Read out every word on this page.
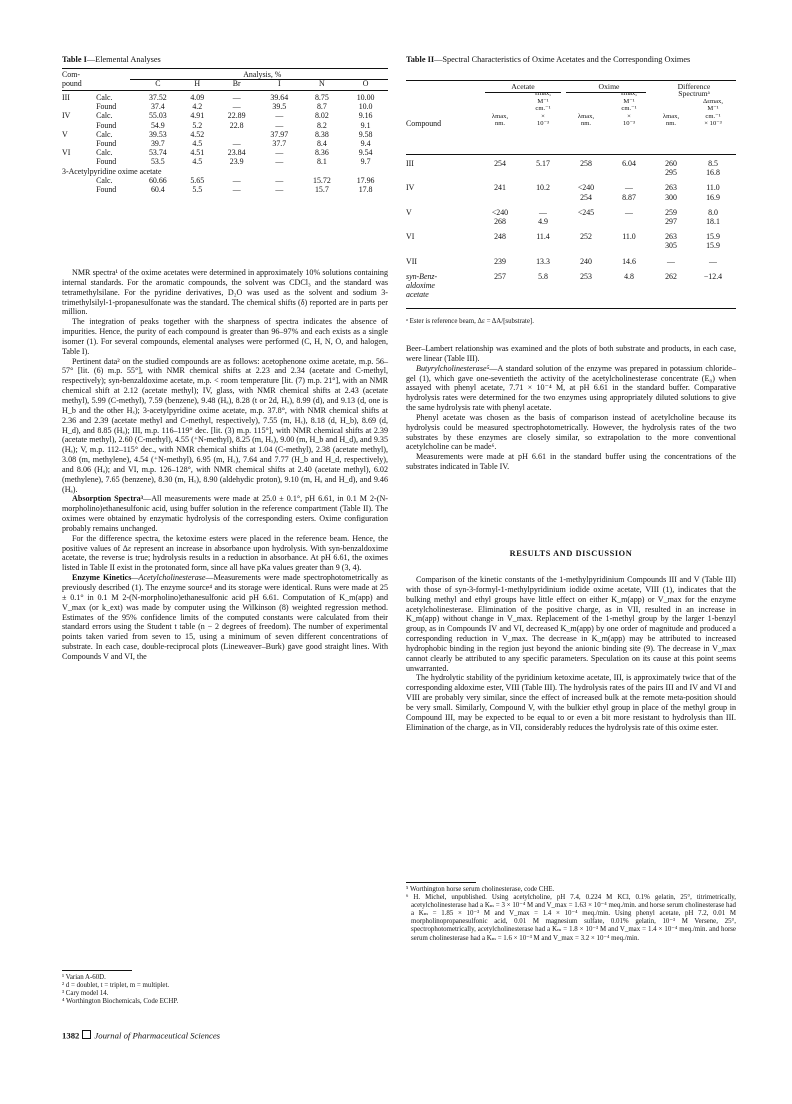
Table I—Elemental Analyses
Com-		Analysis, %					
pound		C	H	Br	I	N	O
III	Calc.	37.52	4.09	—	39.64	8.75	10.00
	Found	37.4	4.2	—	39.5	8.7	10.0
IV	Calc.	55.03	4.91	22.89	—	8.02	9.16
	Found	54.9	5.2	22.8	—	8.2	9.1
V	Calc.	39.53	4.52		37.97	8.38	9.58
	Found	39.7	4.5	—	37.7	8.4	9.4
VI	Calc.	53.74	4.51	23.84	—	8.36	9.54
	Found	53.5	4.5	23.9	—	8.1	9.7
3-Acetylpyridine oxime acetate							
	Calc.	60.66	5.65	—	—	15.72	17.96
	Found	60.4	5.5	—	—	15.7	17.8

NMR spectra¹ of the oxime acetates were determined in approximately 10% solutions containing internal standards. For the aromatic compounds, the solvent was CDCl₃ and the standard was tetramethylsilane. For the pyridine derivatives, D₂O was used as the solvent and sodium 3-trimethylsilyl-1-propanesulfonate was the standard. The chemical shifts (δ) reported are in parts per million.

The integration of peaks together with the sharpness of spectra indicates the absence of impurities. Hence, the purity of each compound is greater than 96–97% and each exists as a single isomer (1). For several compounds, elemental analyses were performed (C, H, N, O, and halogen, Table I).

Pertinent data² on the studied compounds are as follows: acetophenone oxime acetate, m.p. 56–57° [lit. (6) m.p. 55°], with NMR chemical shifts at 2.23 and 2.34 (acetate and C-methyl, respectively); syn-benzaldoxime acetate, m.p. < room temperature [lit. (7) m.p. 21°], with an NMR chemical shift at 2.12 (acetate methyl); IV, glass, with NMR chemical shifts at 2.43 (acetate methyl), 5.99 (C-methyl), 7.59 (benzene), 9.48 (Hₐ), 8.28 (t or 2d, Hₓ), 8.99 (d), and 9.13 (d, one is H_b and the other Hₓ); 3-acetylpyridine oxime acetate, m.p. 37.8°, with NMR chemical shifts at 2.36 and 2.39 (acetate methyl and C-methyl, respectively), 7.55 (m, Hₓ), 8.18 (d, H_b), 8.69 (d, H_d), and 8.85 (Hₐ); III, m.p. 116–119° dec. [lit. (3) m.p. 115°], with NMR chemical shifts at 2.39 (acetate methyl), 2.60 (C-methyl), 4.55 (⁺N-methyl), 8.25 (m, Hₓ), 9.00 (m, H_b and H_d), and 9.35 (Hₐ); V, m.p. 112–115° dec., with NMR chemical shifts at 1.04 (C-methyl), 2.38 (acetate methyl), 3.08 (m, methylene), 4.54 (⁺N-methyl), 6.95 (m, Hₓ), 7.64 and 7.77 (H_b and H_d, respectively), and 8.06 (Hₐ); and VI, m.p. 126–128°, with NMR chemical shifts at 2.40 (acetate methyl), 6.02 (methylene), 7.65 (benzene), 8.30 (m, Hₓ), 8.90 (aldehydic proton), 9.10 (m, Hₐ and H_d), and 9.46 (Hₐ).

Absorption Spectra³—All measurements were made at 25.0 ± 0.1°, pH 6.61, in 0.1 M 2-(N-morpholino)ethanesulfonic acid, using buffer solution in the reference compartment (Table II). The oximes were obtained by enzymatic hydrolysis of the corresponding esters. Oxime configuration probably remains unchanged.

For the difference spectra, the ketoxime esters were placed in the reference beam. Hence, the positive values of Δε represent an increase in absorbance upon hydrolysis. With syn-benzaldoxime acetate, the reverse is true; hydrolysis results in a reduction in absorbance. At pH 6.61, the oximes listed in Table II exist in the protonated form, since all have pKa values greater than 9 (3, 4).

Enzyme Kinetics—Acetylcholinesterase—Measurements were made spectrophotometrically as previously described (1). The enzyme source⁴ and its storage were identical. Runs were made at 25 ± 0.1° in 0.1 M 2-(N-morpholino)ethanesulfonic acid pH 6.61. Computation of K_m(app) and V_max (or k_ext) was made by computer using the Wilkinson (8) weighted regression method. Estimates of the 95% confidence limits of the computed constants were calculated from their standard errors using the Student t table (n − 2 degrees of freedom). The number of experimental points taken varied from seven to 15, using a minimum of seven different concentrations of substrate. In each case, double-reciprocal plots (Lineweaver–Burk) gave good straight lines. With Compounds V and VI, the

¹ Varian A-60D.

² d = doublet, t = triplet, m = multiplet.

³ Cary model 14.

⁴ Worthington Biochemicals, Code ECHP.

1382 Journal of Pharmaceutical Sciences
Table II—Spectral Characteristics of Oxime Acetates and the Corresponding Oximes
	Acetate		Oxime		Difference	
		εmax,		εmax,	Spectrumᵃ	
		M⁻¹		M⁻¹		Δεmax,
		cm.⁻¹		cm.⁻¹		M⁻¹
	λmax,	×	λmax,	×	λmax,	cm.⁻¹
Compound	nm.	10⁻³	nm.	10⁻³	nm.	× 10⁻³
III	254	5.17	258	6.04	260	8.5
					295	16.8

IV	241	10.2	<240	—	263	11.0
			254	8.87	300	16.9

V	<240	—	<245	—	259	8.0
	268	4.9			297	18.1

VI	248	11.4	252	11.0	263	15.9
					305	15.9

VII	239	13.3	240	14.6	—	—

syn-Benz-	257	5.8	253	4.8	262	−12.4
aldoxime						
acetate						

ᵃ Ester is reference beam, Δε = ΔA/[substrate].

Beer–Lambert relationship was examined and the plots of both substrate and products, in each case, were linear (Table III).

Butyrylcholinesterase⁵—A standard solution of the enzyme was prepared in potassium chloride–gel (1), which gave one-seventieth the activity of the acetylcholinesterase concentrate (E₀) when assayed with phenyl acetate, 7.71 × 10⁻⁴ M, at pH 6.61 in the standard buffer. Comparative hydrolysis rates were determined for the two enzymes using appropriately diluted solutions to give the same hydrolysis rate with phenyl acetate.

Phenyl acetate was chosen as the basis of comparison instead of acetylcholine because its hydrolysis could be measured spectrophotometrically. However, the hydrolysis rates of the two substrates by these enzymes are closely similar, so extrapolation to the more conventional acetylcholine can be made⁶.

Measurements were made at pH 6.61 in the standard buffer using the concentrations of the substrates indicated in Table IV.

RESULTS AND DISCUSSION

Comparison of the kinetic constants of the 1-methylpyridinium Compounds III and V (Table III) with those of syn-3-formyl-1-methylpyridinium iodide oxime acetate, VIII (1), indicates that the bulking methyl and ethyl groups have little effect on either K_m(app) or V_max for the enzyme acetylcholinesterase. Elimination of the positive charge, as in VII, resulted in an increase in K_m(app) without change in V_max. Replacement of the 1-methyl group by the larger 1-benzyl group, as in Compounds IV and VI, decreased K_m(app) by one order of magnitude and produced a corresponding reduction in V_max. The decrease in K_m(app) may be attributed to increased hydrophobic binding in the region just beyond the anionic binding site (9). The decrease in V_max cannot clearly be attributed to any specific parameters. Speculation on its cause at this point seems unwarranted.

The hydrolytic stability of the pyridinium ketoxime acetate, III, is approximately twice that of the corresponding aldoxime ester, VIII (Table III). The hydrolysis rates of the pairs III and IV and VI and VIII are probably very similar, since the effect of increased bulk at the remote meta-position should be very small. Similarly, Compound V, with the bulkier ethyl group in place of the methyl group in Compound III, may be expected to be equal to or even a bit more resistant to hydrolysis than III. Elimination of the charge, as in VII, considerably reduces the hydrolysis rate of this oxime ester.

⁵ Worthington horse serum cholinesterase, code CHE.

⁶ H. Michel, unpublished. Using acetylcholine, pH 7.4, 0.224 M KCl, 0.1% gelatin, 25°, titrimetrically, acetylcholinesterase had a Kₘ = 3 × 10⁻⁴ M and V_max = 1.63 × 10⁻⁴ meq./min. and horse serum cholinesterase had a Kₘ = 1.85 × 10⁻³ M and V_max = 1.4 × 10⁻⁴ meq./min. Using phenyl acetate, pH 7.2, 0.01 M morpholinopropanesulfonic acid, 0.01 M magnesium sulfate, 0.01% gelatin, 10⁻³ M Versene, 25°, spectrophotometrically, acetylcholinesterase had a Kₘ = 1.8 × 10⁻³ M and V_max = 1.4 × 10⁻⁴ meq./min. and horse serum cholinesterase had a Kₘ = 1.6 × 10⁻³ M and V_max = 3.2 × 10⁻⁴ meq./min.
